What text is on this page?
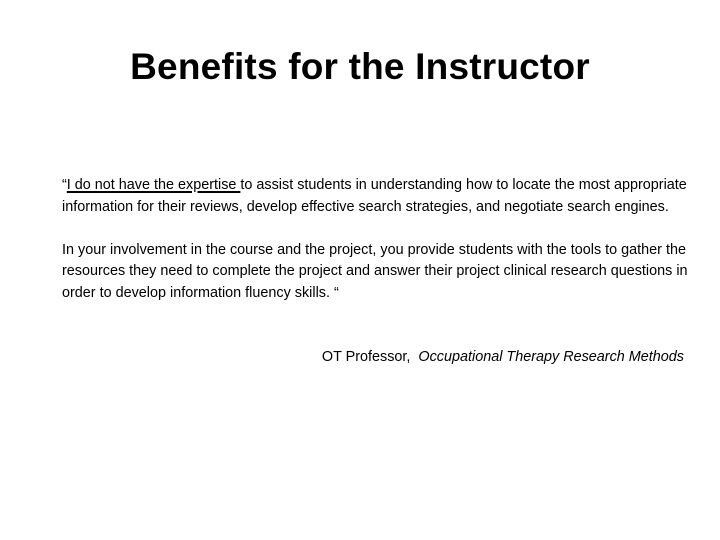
Benefits for the Instructor

“I do not have the expertise to assist students in understanding how to locate the most appropriate information for their reviews, develop effective search strategies, and negotiate search engines.

In your involvement in the course and the project, you provide students with the tools to gather the resources they need to complete the project and answer their project clinical research questions in order to develop information fluency skills. “

OT Professor, Occupational Therapy Research Methods
